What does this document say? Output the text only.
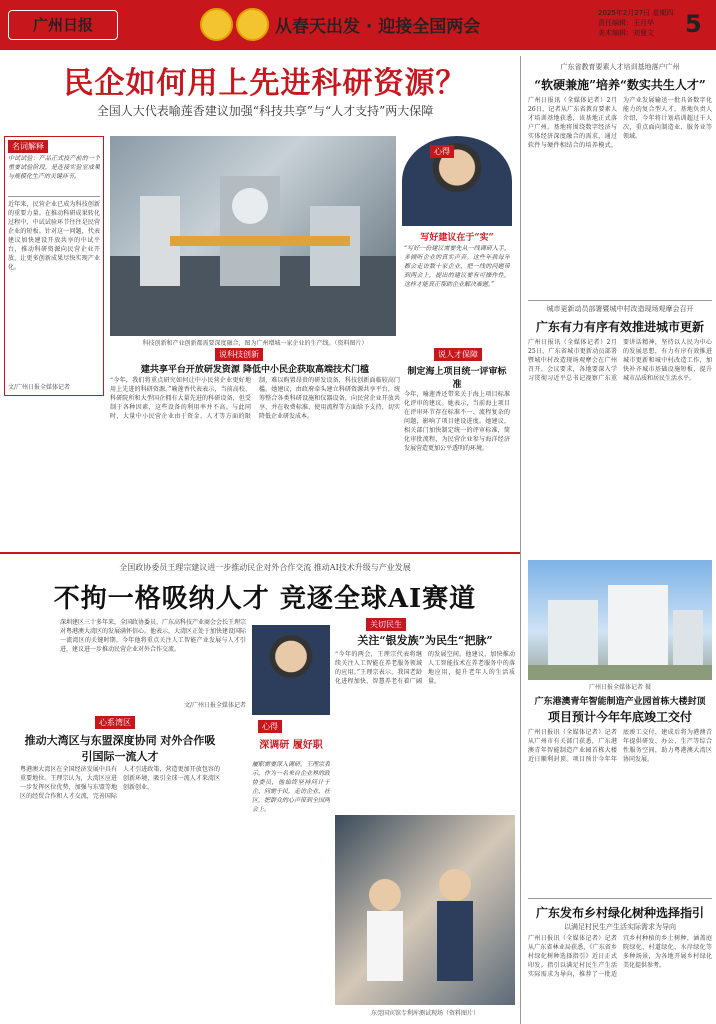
广州日报	从春天出发 · 迎接全国两会
2025年2月27日 星期四
责任编辑：王月华
美术编辑：刘曼文	5
民企如何用上先进科研资源？
全国人大代表喻莲香建议加强“科技共享”与“人才支持”两大保障
名词解释
中试试验：产品正式投产前的一个重要试验阶段，是连接实验室成果与规模化生产的关键环节。
近年来，民营企业已成为科技创新的重要力量。在推动科研成果转化过程中，中试试验环节往往是民营企业的短板。针对这一问题，代表建议加快建设开放共享的中试平台，推动科研资源向民营企业开放，让更多创新成果尽快实现产业化。
文/广州日报全媒体记者
科技创新和产业创新都需要深度融合，图为广州增城一家企业的生产线。（资料图片）
心得
写好建议在于“实”
“写好一份建议需要先从一线调研入手，多倾听企业的真实声音。这些年我每年都会走访数十家企业，把一线的问题带到两会上，提出的建议要有可操作性，这样才能真正帮助企业解决难题。”
说科技创新
建共享平台开放研发资源 降低中小民企获取高端技术门槛
“今年，我们将重点研究如何让中小民营企业更好地用上先进的科研资源。”喻莲香代表表示，当前高校、科研院所和大型国企拥有大量先进的科研设备，但受制于各种因素，这些设备的利用率并不高。与此同时，大量中小民营企业由于资金、人才等方面的限制，难以购置昂贵的研发设备，科技创新面临较高门槛。她建议，由政府牵头建立科研资源共享平台，统筹整合各类科研设施和仪器设备，向民营企业开放共享，并在收费标准、使用流程等方面给予支持，切实降低企业研发成本。
说人才保障
制定海上项目统一评审标准
今年，喻莲香还带来关于海上项目标准化评审的建议。她表示，当前海上项目在评审环节存在标准不一、流程复杂的问题，影响了项目建设进度。她建议，相关部门加快制定统一的评审标准，简化审批流程，为民营企业参与海洋经济发展营造更加公平透明的环境。
广东省教育要素人才培训基地落户广州
“软硬兼施”培养“数实共生人才”
广州日报讯（全媒体记者）2月26日，记者从广东省教育要素人才培训基地获悉，该基地正式落户广州。基地将围绕数字经济与实体经济深度融合的需求，通过软件与硬件相结合的培养模式，为产业发展输送一批具备数字化能力的复合型人才。基地负责人介绍，今年将计划培训超过千人次，重点面向制造业、服务业等领域。
城市更新动员部署暨城中村改造现场观摩会召开
广东有力有序有效推进城市更新
广州日报讯（全媒体记者）2月25日，广东省城市更新动员部署暨城中村改造现场观摩会在广州召开。会议要求，各地要深入学习贯彻习近平总书记视察广东重要讲话精神，坚持以人民为中心的发展思想，有力有序有效推进城市更新和城中村改造工作，加快补齐城市基础设施短板，提升城市品质和居民生活水平。
广州日报全媒体记者 摄
广东港澳青年智能制造产业园首栋大楼封顶
项目预计今年年底竣工交付
广州日报讯（全媒体记者）记者从广州市有关部门获悉，广东港澳青年智能制造产业园首栋大楼近日顺利封顶。项目预计今年年底竣工交付，建成后将为港澳青年提供研发、办公、生产等综合性服务空间，助力粤港澳大湾区协同发展。
广东发布乡村绿化树种选择指引
以满足村民生产生活实际需求为导向
广州日报讯（全媒体记者）记者从广东省林业局获悉，《广东省乡村绿化树种选择指引》近日正式印发。指引以满足村民生产生活实际需求为导向，推荐了一批适宜乡村种植的乡土树种，涵盖庭院绿化、村道绿化、水岸绿化等多种场景，为各地开展乡村绿化美化提供参考。
全国政协委员王理宗建议进一步推动民企对外合作交流 推动AI技术升级与产业发展
不拘一格吸纳人才 竞逐全球AI赛道
深圳建区三十多年来，全国政协委员、广东高科技产业商会会长王理宗对粤港澳大湾区的发展满怀信心。他表示，大湾区正处于加快建设国际一流湾区的关键时期。今年他将重点关注人工智能产业发展与人才引进，建议进一步推动民营企业对外合作交流。
文/广州日报全媒体记者
心系湾区
推动大湾区与东盟深度协同 对外合作吸引国际一流人才
粤港澳大湾区在全国经济发展中具有重要地位。王理宗认为，大湾区应进一步发挥区位优势，加强与东盟等地区的经贸合作和人才交流，完善国际人才引进政策，营造更加开放包容的创新环境，吸引全球一流人才来湾区创新创业。
关切民生
关注“银发族”为民生“把脉”
“今年的两会，王理宗代表将继续关注人工智能在养老服务领域的应用。”王理宗表示，我国老龄化进程加快，智慧养老有着广阔的发展空间。他建议，加快推动人工智能技术在养老服务中的落地应用，提升老年人的生活质量。
心得
深调研 履好职
履职需要深入调研。王理宗表示，作为一名来自企业界的政协委员，他始终坚持问计于企、问需于民，走访企业、社区，把群众的心声带到全国两会上。
东莞国宾馆专利库测试现场（资料图片）
